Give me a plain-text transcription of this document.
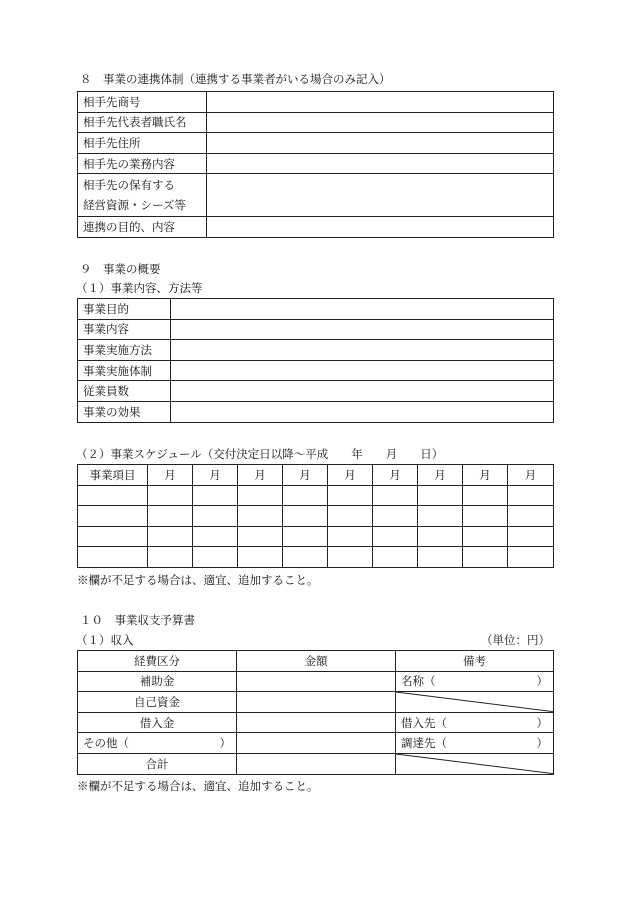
８　事業の連携体制（連携する事業者がいる場合のみ記入）
相手先商号	
相手先代表者職氏名	
相手先住所	
相手先の業務内容	
相手先の保有する
経営資源・シーズ等	
連携の目的、内容	
９　事業の概要
（１）事業内容、方法等
事業目的	
事業内容	
事業実施方法	
事業実施体制	
従業員数	
事業の効果	
（２）事業スケジュール（交付決定日以降～平成　　年　　月　　日）
事業項目	月	月	月	月	月	月	月	月	月

※欄が不足する場合は、適宜、追加すること。
１０　事業収支予算書
（１）収入	（単位：円）
経費区分	金額	備考
補助金		名称（ ）

自己資金		

借入金		借入先（ ）

その他（ ）		調達先（ ）

合計		
※欄が不足する場合は、適宜、追加すること。
